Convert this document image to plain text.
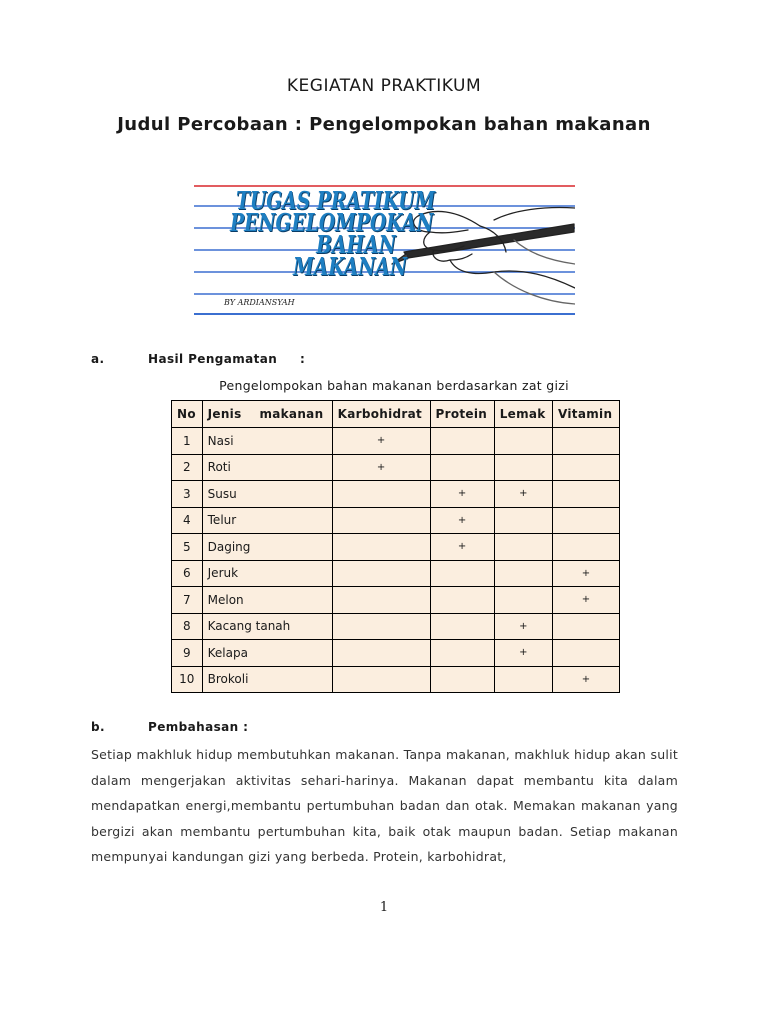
KEGIATAN PRAKTIKUM
Judul Percobaan : Pengelompokan bahan makanan
TUGAS PRATIKUM
PENGELOMPOKAN
BAHAN
MAKANAN
BY ARDIANSYAH
a.	Hasil Pengamatan :
Pengelompokan bahan makanan berdasarkan zat gizi
No	Jenis    makanan	Karbohidrat	Protein	Lemak	Vitamin
1	Nasi	+			
2	Roti	+			
3	Susu		+	+	
4	Telur		+		
5	Daging		+		
6	Jeruk				+
7	Melon				+
8	Kacang tanah			+	
9	Kelapa			+	
10	Brokoli				+
b.	Pembahasan :
Setiap makhluk hidup membutuhkan makanan. Tanpa makanan, makhluk hidup akan sulit dalam mengerjakan aktivitas sehari-harinya. Makanan dapat membantu kita dalam mendapatkan energi,membantu pertumbuhan badan dan otak. Memakan makanan yang bergizi akan membantu pertumbuhan kita, baik otak maupun badan. Setiap makanan mempunyai kandungan gizi yang berbeda. Protein, karbohidrat,
1
